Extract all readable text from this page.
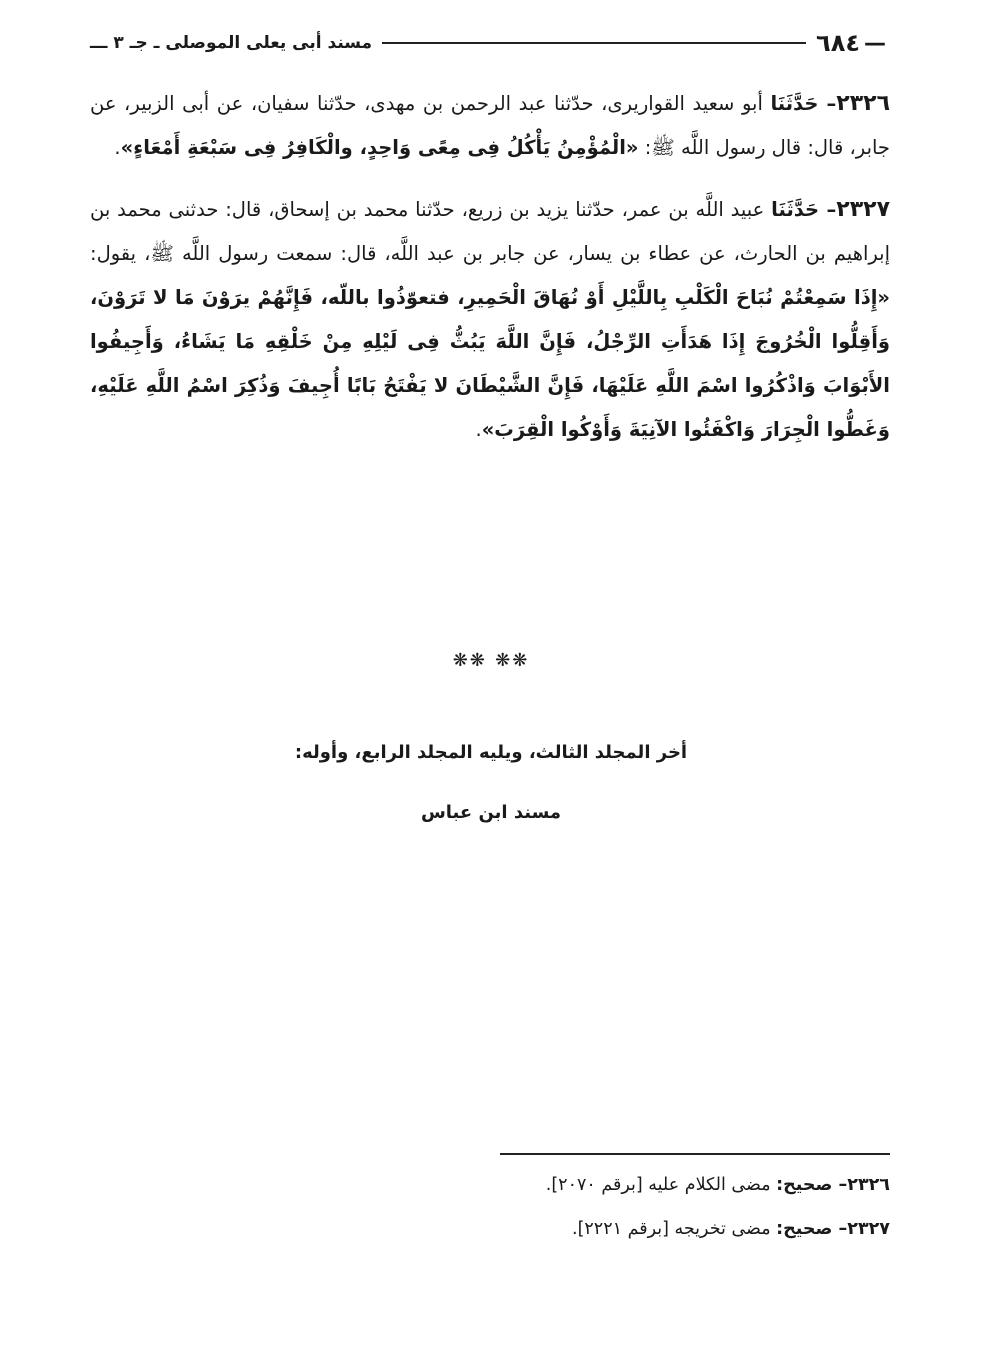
—
٦٨٤
مسند أبى يعلى الموصلى ـ جـ ٣ ـــ

٢٣٢٦– حَدَّثَنَا أبو سعيد القواريرى، حدّثنا عبد الرحمن بن مهدى، حدّثنا سفيان، عن أبى الزبير، عن جابر، قال: قال رسول اللَّه ﷺ: «الْمُؤْمِنُ يَأْكُلُ فِى مِعًى وَاحِدٍ، والْكَافِرُ فِى سَبْعَةِ أَمْعَاءٍ».

٢٣٢٧– حَدَّثَنَا عبيد اللَّه بن عمر، حدّثنا يزيد بن زريع، حدّثنا محمد بن إسحاق، قال: حدثنى محمد بن إبراهيم بن الحارث، عن عطاء بن يسار، عن جابر بن عبد اللَّه، قال: سمعت رسول اللَّه ﷺ، يقول: «إِذَا سَمِعْتُمْ نُبَاحَ الْكَلْبِ بِاللَّيْلِ أَوْ نُهَاقَ الْحَمِيرِ، فتعوّذُوا باللّه، فَإِنَّهُمْ يرَوْنَ مَا لا تَرَوْنَ، وَأَقِلُّوا الْخُرُوجَ إِذَا هَدَأَتِ الرِّجْلُ، فَإِنَّ اللَّهَ يَبُثُّ فِى لَيْلِهِ مِنْ خَلْقِهِ مَا يَشَاءُ، وَأَجِيفُوا الأَبْوَابَ وَاذْكُرُوا اسْمَ اللَّهِ عَلَيْهَا، فَإِنَّ الشَّيْطَانَ لا يَفْتَحُ بَابًا أُجِيفَ وَذُكِرَ اسْمُ اللَّهِ عَلَيْهِ، وَغَطُّوا الْجِرَارَ وَاكْفَئُوا الآنِيَةَ وَأَوْكُوا الْقِرَبَ».

❋❋ ❋❋
أخر المجلد الثالث، ويليه المجلد الرابع، وأوله:
مسند ابن عباس
٢٣٢٦– صحيح: مضى الكلام عليه [برقم ٢٠٧٠].
٢٣٢٧– صحيح: مضى تخريجه [برقم ٢٢٢١].
